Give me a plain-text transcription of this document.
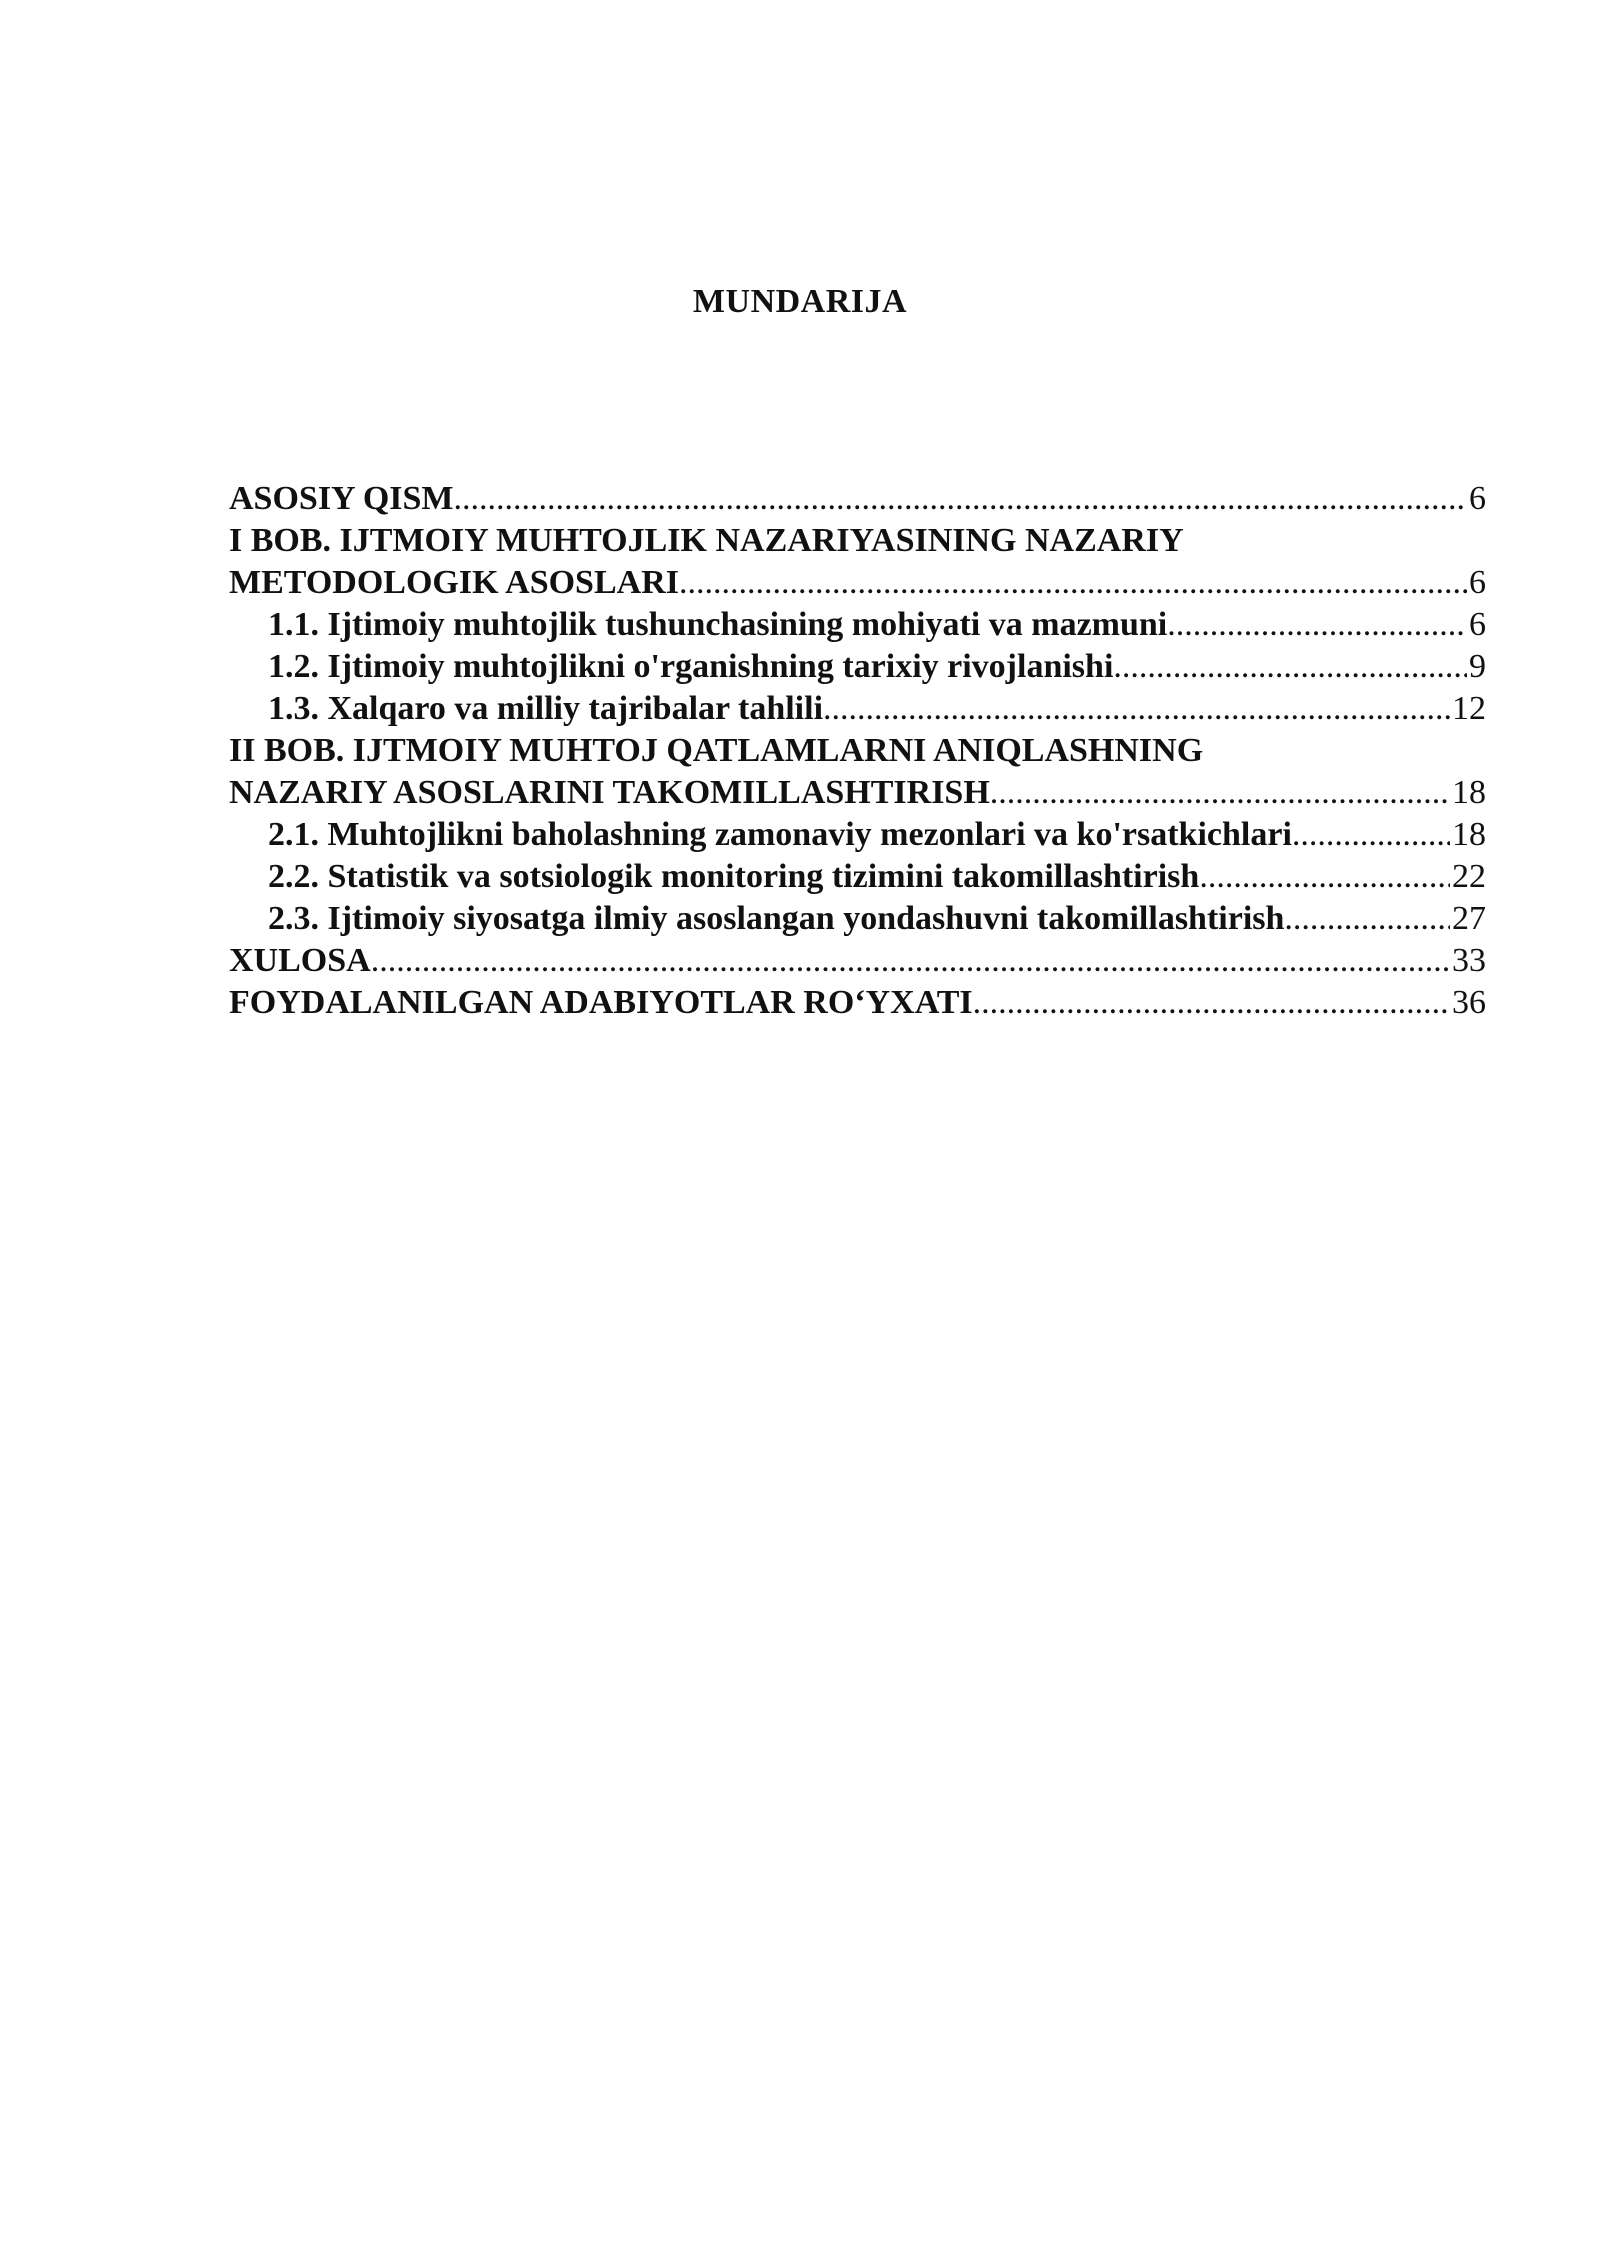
MUNDARIJA
ASOSIY QISM .....	6
I BOB. IJTMOIY MUHTOJLIK NAZARIYASINING NAZARIY
METODOLOGIK ASOSLARI .....	6
1.1. Ijtimoiy muhtojlik tushunchasining mohiyati va mazmuni .....	6
1.2. Ijtimoiy muhtojlikni o'rganishning tarixiy rivojlanishi .....	9
1.3. Xalqaro va milliy tajribalar tahlili .....	12
II BOB. IJTMOIY MUHTOJ QATLAMLARNI ANIQLASHNING
NAZARIY ASOSLARINI TAKOMILLASHTIRISH .....	18
2.1. Muhtojlikni baholashning zamonaviy mezonlari va ko'rsatkichlari .....	18
2.2. Statistik va sotsiologik monitoring tizimini takomillashtirish .....	22
2.3. Ijtimoiy siyosatga ilmiy asoslangan yondashuvni takomillashtirish .....	27
XULOSA .....	33
FOYDALANILGAN ADABIYOTLAR RO‘YXATI .....	36
